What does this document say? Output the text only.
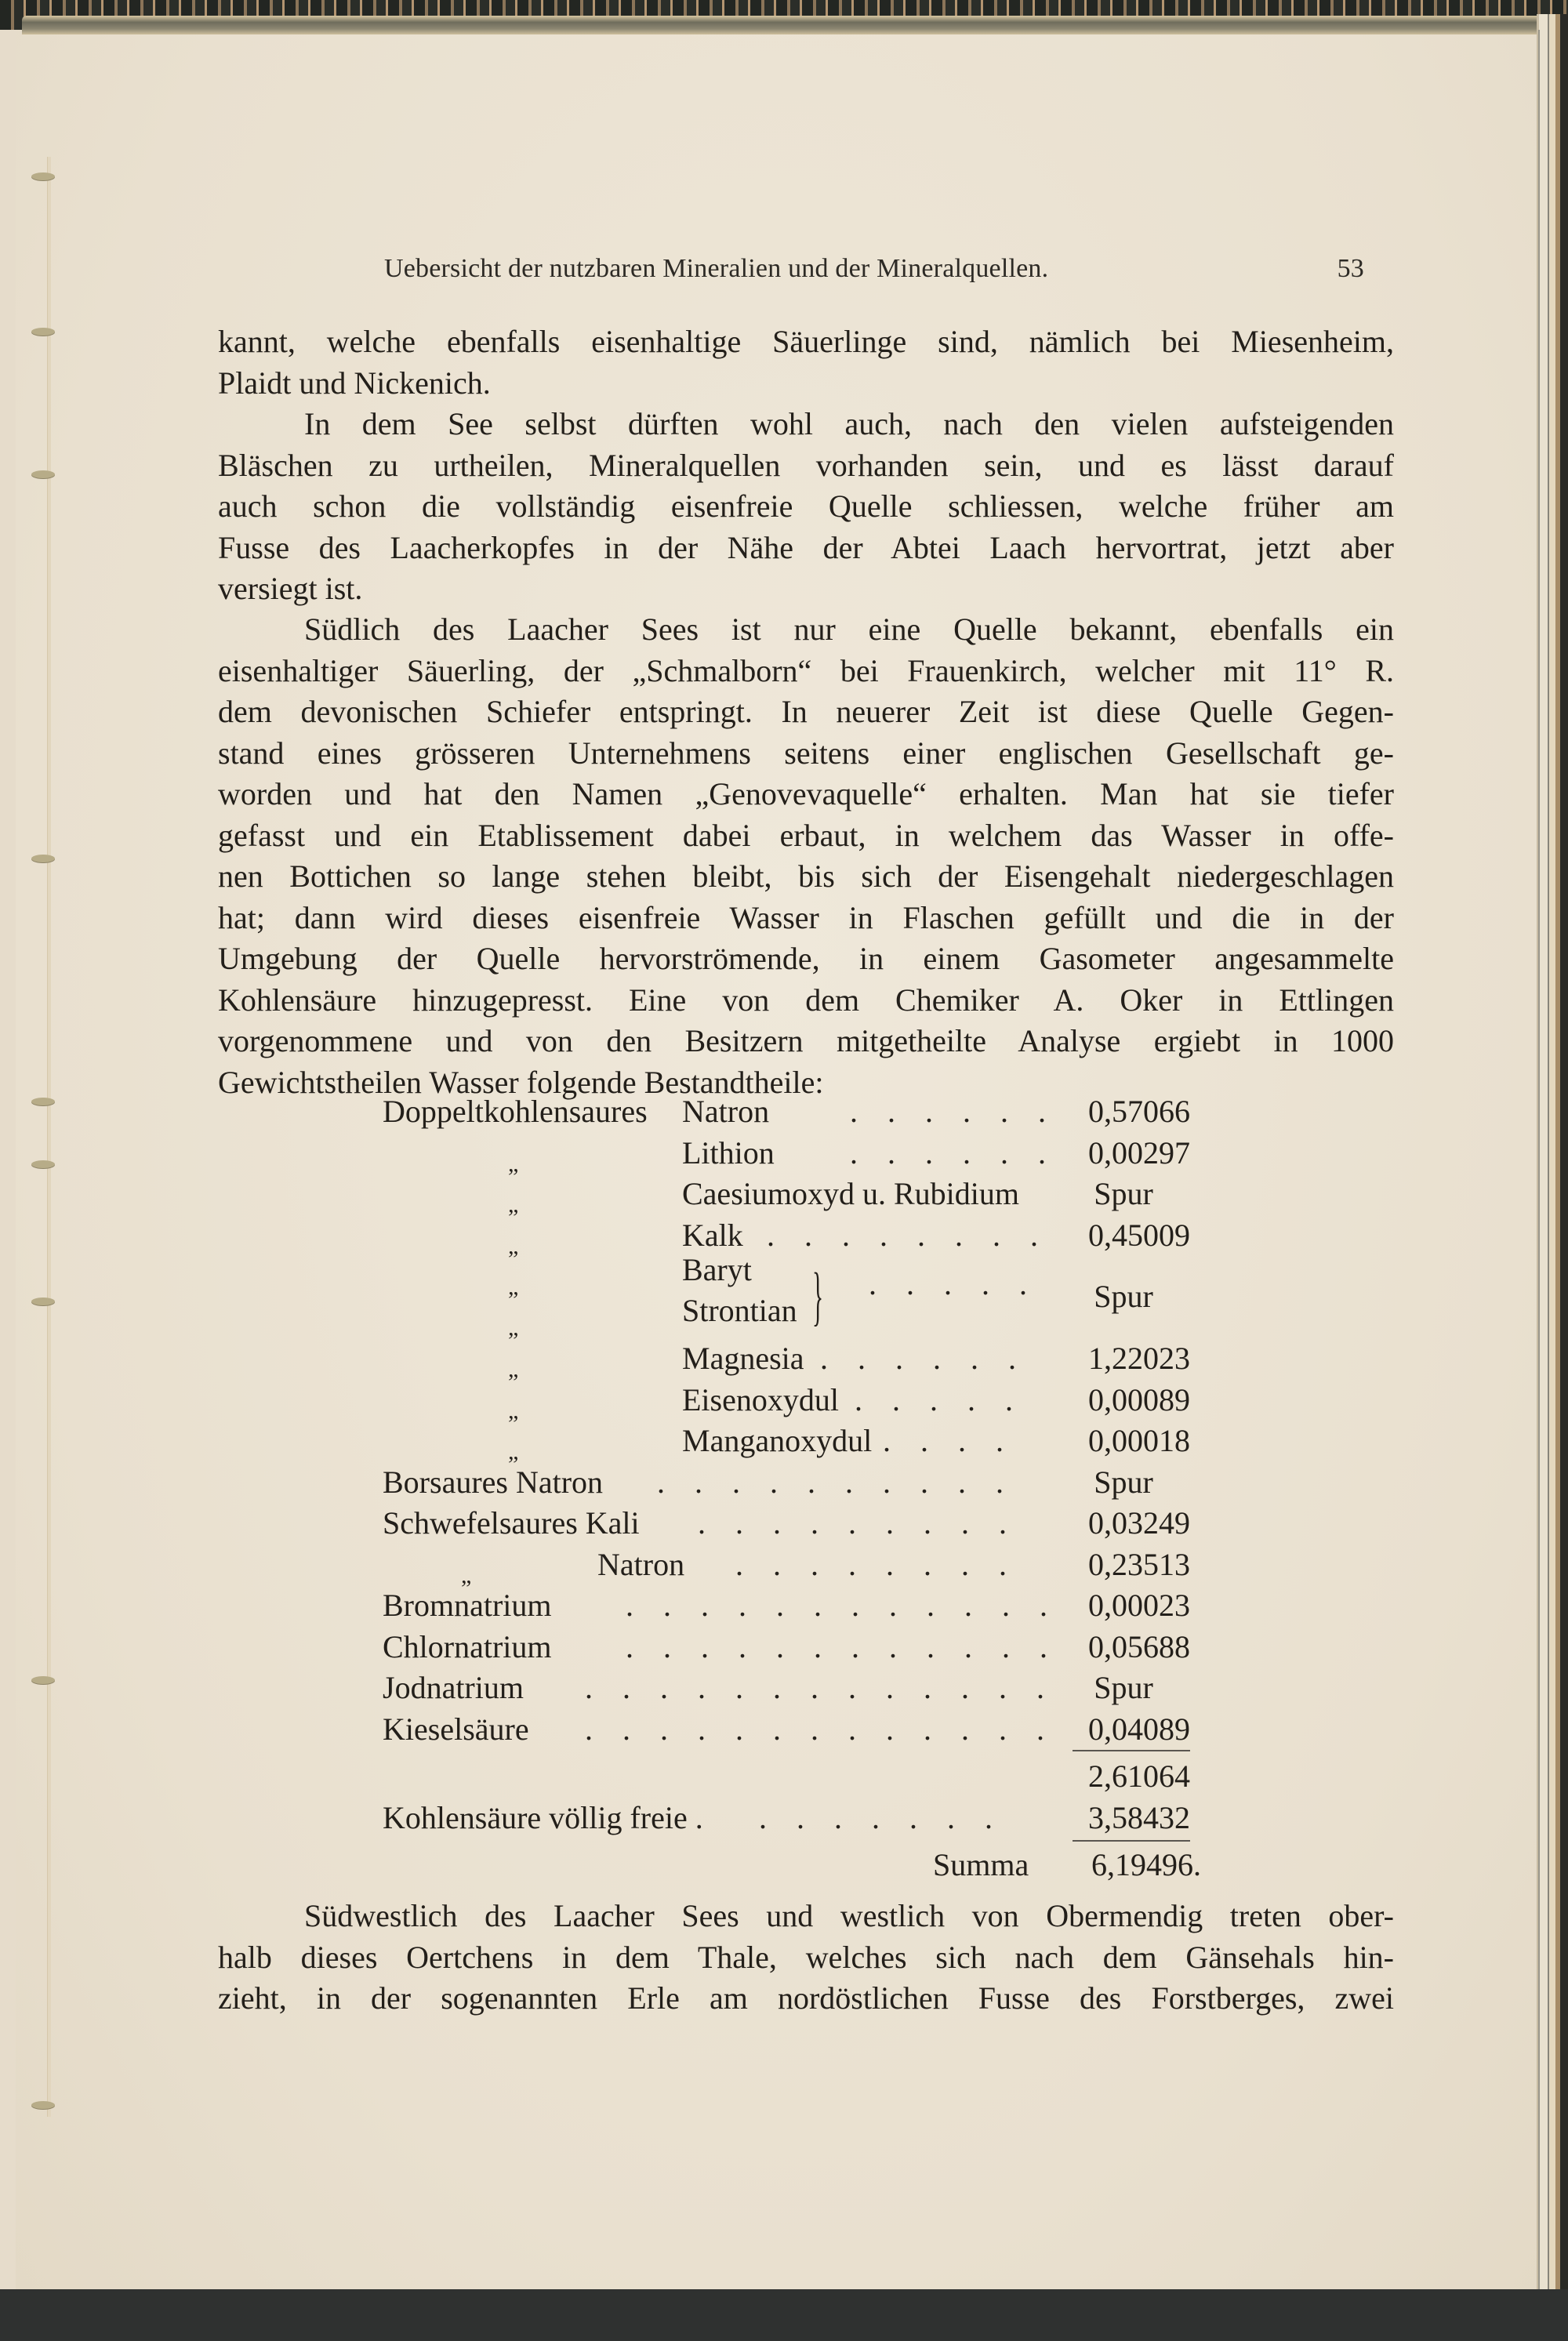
Uebersicht der nutzbaren Mineralien und der Mineralquellen.	53
kannt, welche ebenfalls eisenhaltige Säuerlinge sind, nämlich bei Miesenheim,
Plaidt und Nickenich.
In dem See selbst dürften wohl auch, nach den vielen aufsteigenden
Bläschen zu urtheilen, Mineralquellen vorhanden sein, und es lässt darauf
auch schon die vollständig eisenfreie Quelle schliessen, welche früher am
Fusse des Laacherkopfes in der Nähe der Abtei Laach hervortrat, jetzt aber
versiegt ist.
Südlich des Laacher Sees ist nur eine Quelle bekannt, ebenfalls ein
eisenhaltiger Säuerling, der „Schmalborn“ bei Frauenkirch, welcher mit 11° R.
dem devonischen Schiefer entspringt. In neuerer Zeit ist diese Quelle Gegen-
stand eines grösseren Unternehmens seitens einer englischen Gesellschaft ge-
worden und hat den Namen „Genovevaquelle“ erhalten. Man hat sie tiefer
gefasst und ein Etablissement dabei erbaut, in welchem das Wasser in offe-
nen Bottichen so lange stehen bleibt, bis sich der Eisengehalt niedergeschlagen
hat; dann wird dieses eisenfreie Wasser in Flaschen gefüllt und die in der
Umgebung der Quelle hervorströmende, in einem Gasometer angesammelte
Kohlensäure hinzugepresst. Eine von dem Chemiker A. Oker in Ettlingen
vorgenommene und von den Besitzern mitgetheilte Analyse ergiebt in 1000
Gewichtstheilen Wasser folgende Bestandtheile:
Doppeltkohlensaures Natron	. . . . . .	0,57066
„	Lithion . . . . . .	0,00297
„	Caesiumoxyd u. Rubidium	Spur
„	Kalk . . . . . . . .	0,45009
„	Baryt
„	Strontian } . . . . .	Spur
„	Magnesia . . . . . .	1,22023
„	Eisenoxydul . . . . .	0,00089
„	Manganoxydul . . . .	0,00018
Borsaures Natron . . . . . . . . . .	Spur
Schwefelsaures Kali . . . . . . . . .	0,03249
„	Natron . . . . . . . .	0,23513
Bromnatrium . . . . . . . . . . . . 0,00023
Chlornatrium . . . . . . . . . . . . 0,05688
Jodnatrium . . . . . . . . . . . . .	Spur
Kieselsäure . . . . . . . . . . . . .	0,04089
2,61064
Kohlensäure völlig freie . . . . . . . .	3,58432
Summa	6,19496.
Südwestlich des Laacher Sees und westlich von Obermendig treten ober-
halb dieses Oertchens in dem Thale, welches sich nach dem Gänsehals hin-
zieht, in der sogenannten Erle am nordöstlichen Fusse des Forstberges, zwei
